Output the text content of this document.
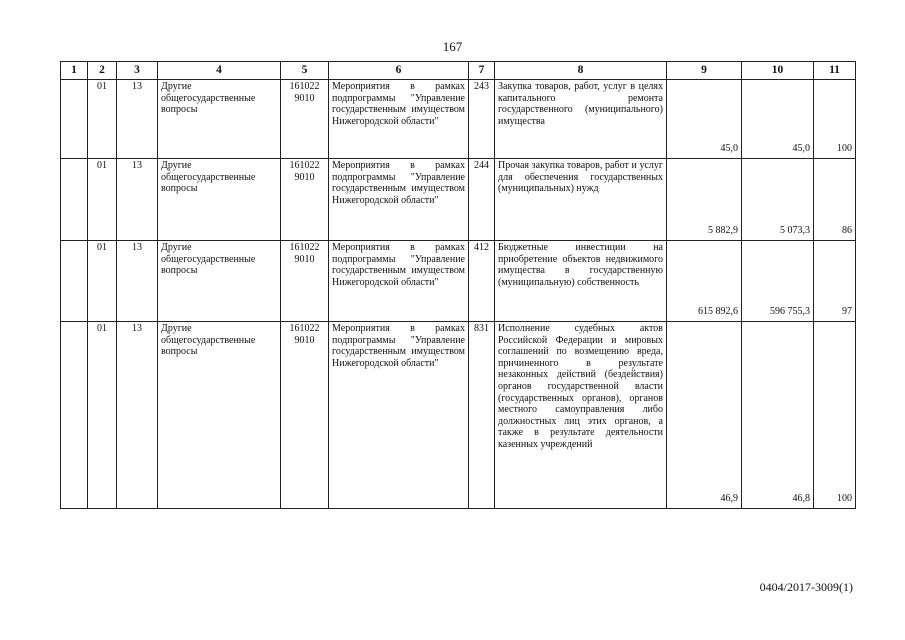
167
1	2	3	4	5	6	7	8	9	10	11
	01	13	Другие общегосударственные вопросы	161022 9010	Мероприятия в рамках подпрограммы "Управление государственным имуществом Нижегородской области"	243	Закупка товаров, работ, услуг в целях капитального ремонта государственного (муниципального) имущества	45,0	45,0	100
	01	13	Другие общегосударственные вопросы	161022 9010	Мероприятия в рамках подпрограммы "Управление государственным имуществом Нижегородской области"	244	Прочая закупка товаров, работ и услуг для обеспечения государственных (муниципальных) нужд	5 882,9	5 073,3	86
	01	13	Другие общегосударственные вопросы	161022 9010	Мероприятия в рамках подпрограммы "Управление государственным имуществом Нижегородской области"	412	Бюджетные инвестиции на приобретение объектов недвижимого имущества в государственную (муниципальную) собственность	615 892,6	596 755,3	97
	01	13	Другие общегосударственные вопросы	161022 9010	Мероприятия в рамках подпрограммы "Управление государственным имуществом Нижегородской области"	831	Исполнение судебных актов Российской Федерации и мировых соглашений по возмещению вреда, причиненного в результате незаконных действий (бездействия) органов государственной власти (государственных органов), органов местного самоуправления либо должностных лиц этих органов, а также в результате деятельности казенных учреждений	46,9	46,8	100
0404/2017-3009(1)
